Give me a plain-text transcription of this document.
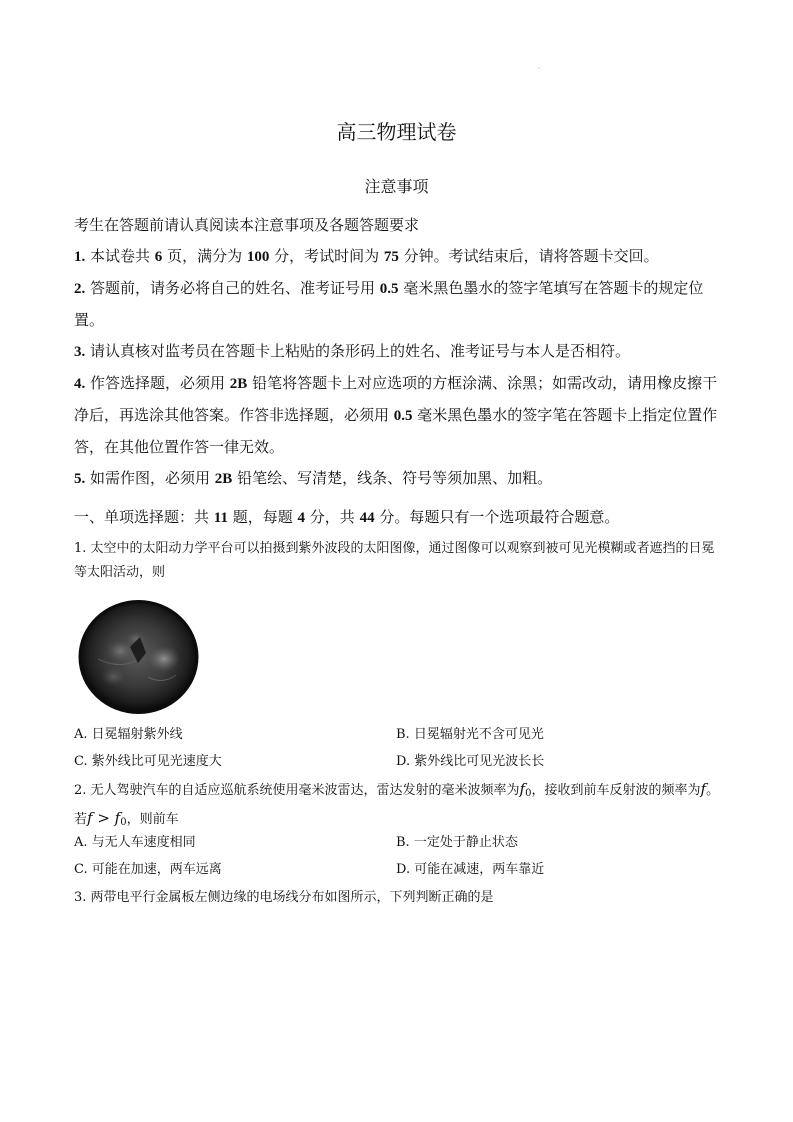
高三物理试卷
注意事项

考生在答题前请认真阅读本注意事项及各题答题要求

1. 本试卷共 6 页，满分为 100 分，考试时间为 75 分钟。考试结束后，请将答题卡交回。

2. 答题前，请务必将自己的姓名、准考证号用 0.5 毫米黑色墨水的签字笔填写在答题卡的规定位置。

3. 请认真核对监考员在答题卡上粘贴的条形码上的姓名、准考证号与本人是否相符。

4. 作答选择题，必须用 2B 铅笔将答题卡上对应选项的方框涂满、涂黑；如需改动，请用橡皮擦干净后，再选涂其他答案。作答非选择题，必须用 0.5 毫米黑色墨水的签字笔在答题卡上指定位置作答，在其他位置作答一律无效。

5. 如需作图，必须用 2B 铅笔绘、写清楚，线条、符号等须加黑、加粗。

一、单项选择题：共 11 题，每题 4 分，共 44 分。每题只有一个选项最符合题意。
1. 太空中的太阳动力学平台可以拍摄到紫外波段的太阳图像，通过图像可以观察到被可见光模糊或者遮挡的日冕等太阳活动，则
A. 日冕辐射紫外线	B. 日冕辐射光不含可见光
C. 紫外线比可见光速度大	D. 紫外线比可见光波长长
2. 无人驾驶汽车的自适应巡航系统使用毫米波雷达，雷达发射的毫米波频率为$f_0$，接收到前车反射波的频率为f。若$f > f_0$，则前车
A. 与无人车速度相同	B. 一定处于静止状态
C. 可能在加速，两车远离	D. 可能在减速，两车靠近
3. 两带电平行金属板左侧边缘的电场线分布如图所示，下列判断正确的是
